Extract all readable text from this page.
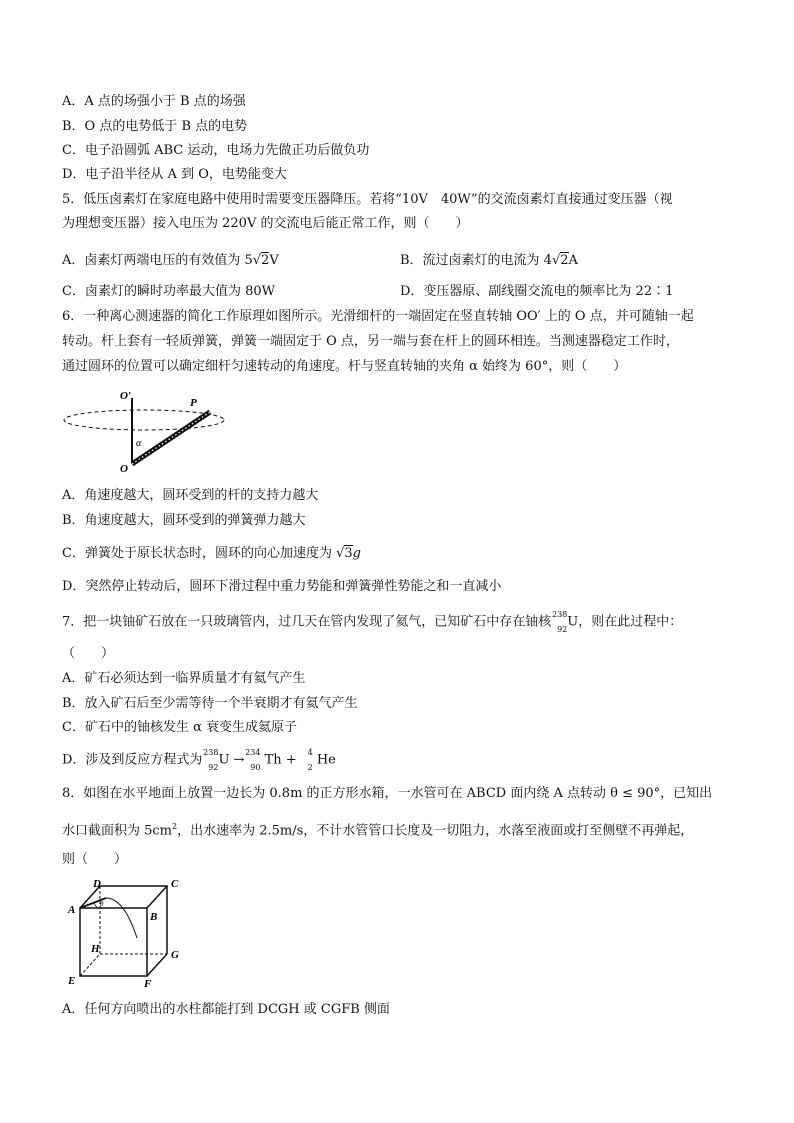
A．A 点的场强小于 B 点的场强
B．O 点的电势低于 B 点的电势
C．电子沿圆弧 ABC 运动，电场力先做正功后做负功
D．电子沿半径从 A 到 O，电势能变大
5．低压卤素灯在家庭电路中使用时需要变压器降压。若将“10V　40W”的交流卤素灯直接通过变压器（视
为理想变压器）接入电压为 220V 的交流电后能正常工作，则（　　）
A．卤素灯两端电压的有效值为 5√2V	B．流过卤素灯的电流为 4√2A
C．卤素灯的瞬时功率最大值为 80W	D．变压器原、副线圈交流电的频率比为 22∶1
6．一种离心测速器的简化工作原理如图所示。光滑细杆的一端固定在竖直转轴 OO′ 上的 O 点，并可随轴一起
转动。杆上套有一轻质弹簧，弹簧一端固定于 O 点，另一端与套在杆上的圆环相连。当测速器稳定工作时，
通过圆环的位置可以确定细杆匀速转动的角速度。杆与竖直转轴的夹角 α 始终为 60°，则（　　）
O′
P
α
O
A．角速度越大，圆环受到的杆的支持力越大
B．角速度越大，圆环受到的弹簧弹力越大
C．弹簧处于原长状态时，圆环的向心加速度为 √3g
D．突然停止转动后，圆环下滑过程中重力势能和弹簧弹性势能之和一直减小
7．把一块铀矿石放在一只玻璃管内，过几天在管内发现了氦气，已知矿石中存在铀核 238
92 U，则在此过程中：
（　　）
A．矿石必须达到一临界质量才有氦气产生
B．放入矿石后至少需等待一个半衰期才有氦气产生
C．矿石中的铀核发生 α 衰变生成氦原子
D．涉及到反应方程式为 238
92 U → 234
90 Th + 4
2 He
8．如图在水平地面上放置一边长为 0.8m 的正方形水箱，一水管可在 ABCD 面内绕 A 点转动 θ ≤ 90°，已知出
水口截面积为 $5cm^2$，出水速率为 2.5m/s，不计水管管口长度及一切阻力，水落至液面或打至侧壁不再弹起，
则（　　）
θ
D	C
A
B
H	G
E	F
A．任何方向喷出的水柱都能打到 DCGH 或 CGFB 侧面
